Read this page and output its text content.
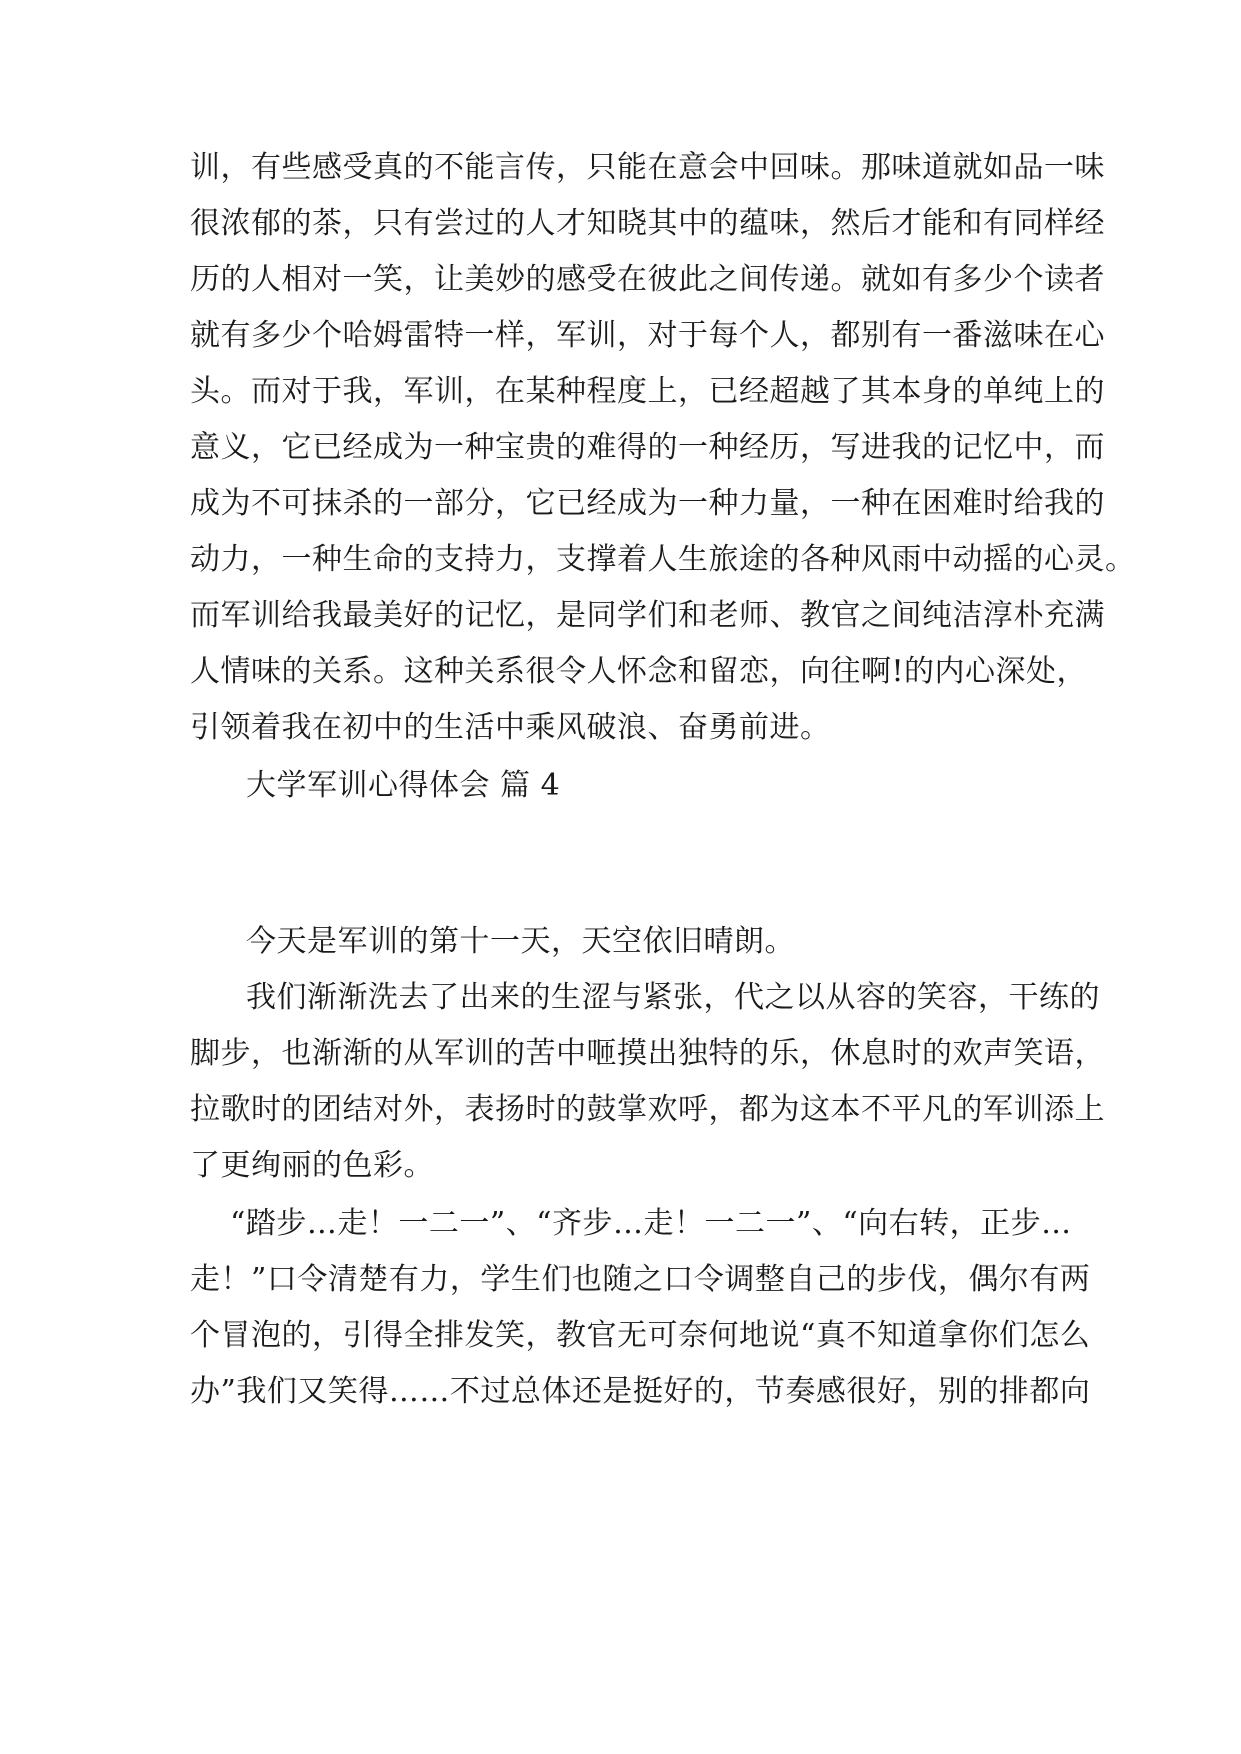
训，有些感受真的不能言传，只能在意会中回味。那味道就如品一味
很浓郁的茶，只有尝过的人才知晓其中的蕴味，然后才能和有同样经
历的人相对一笑，让美妙的感受在彼此之间传递。就如有多少个读者
就有多少个哈姆雷特一样，军训，对于每个人，都别有一番滋味在心
头。而对于我，军训，在某种程度上，已经超越了其本身的单纯上的
意义，它已经成为一种宝贵的难得的一种经历，写进我的记忆中，而
成为不可抹杀的一部分，它已经成为一种力量，一种在困难时给我的
动力，一种生命的支持力，支撑着人生旅途的各种风雨中动摇的心灵。
而军训给我最美好的记忆，是同学们和老师、教官之间纯洁淳朴充满
人情味的关系。这种关系很令人怀念和留恋，向往啊!的内心深处，
引领着我在初中的生活中乘风破浪、奋勇前进。
大学军训心得体会 篇 4
今天是军训的第十一天，天空依旧晴朗。
我们渐渐洗去了出来的生涩与紧张，代之以从容的笑容，干练的
脚步，也渐渐的从军训的苦中咂摸出独特的乐，休息时的欢声笑语，
拉歌时的团结对外，表扬时的鼓掌欢呼，都为这本不平凡的军训添上
了更绚丽的色彩。
“踏步…走！一二一”、“齐步…走！一二一”、“向右转，正步…
走！”口令清楚有力，学生们也随之口令调整自己的步伐，偶尔有两
个冒泡的，引得全排发笑，教官无可奈何地说“真不知道拿你们怎么
办”我们又笑得……不过总体还是挺好的，节奏感很好，别的排都向
